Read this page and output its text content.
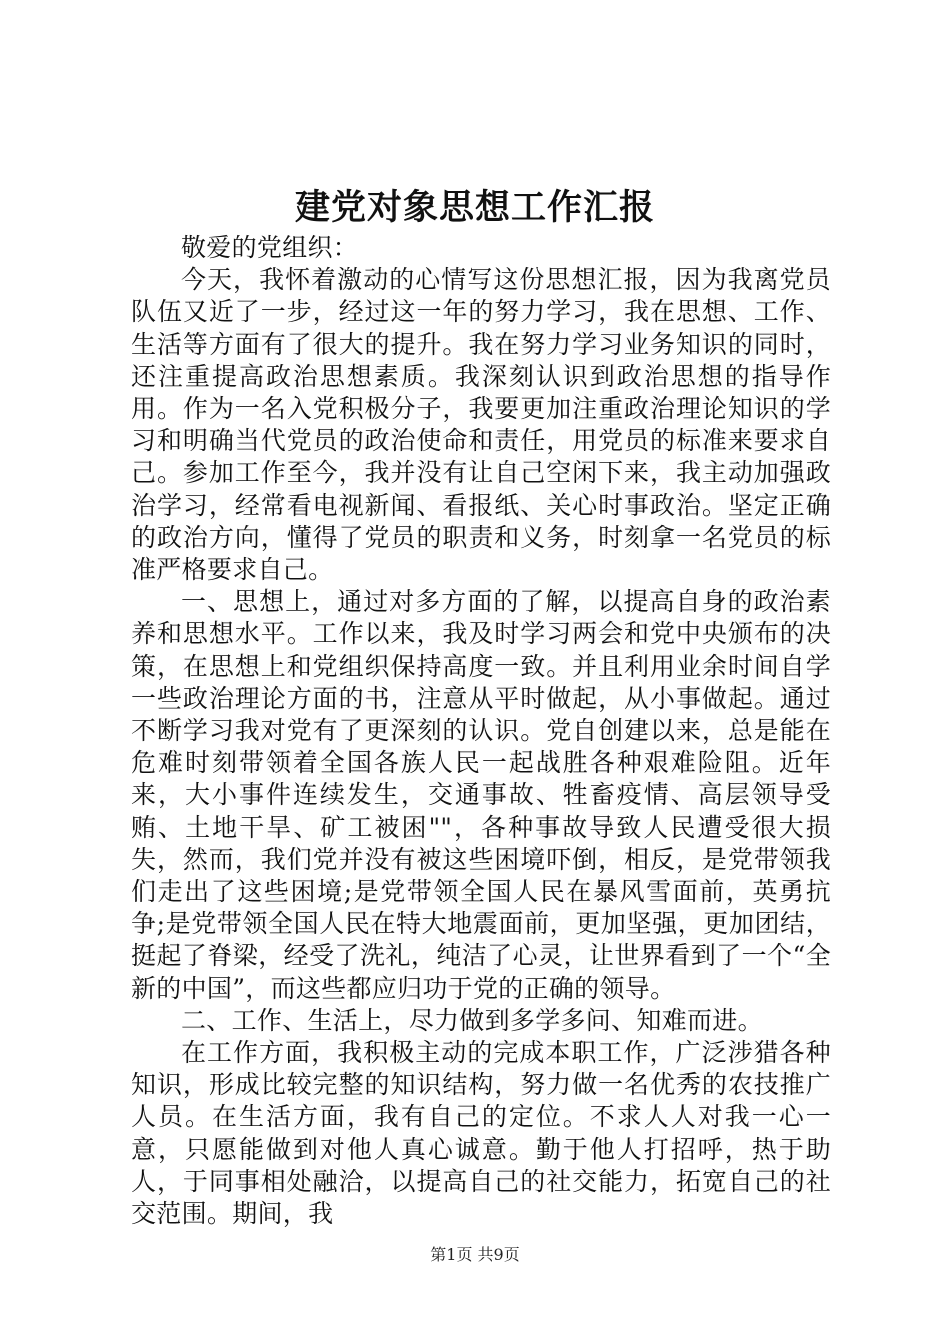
建党对象思想工作汇报

敬爱的党组织：

今天，我怀着激动的心情写这份思想汇报，因为我离党员队伍又近了一步，经过这一年的努力学习，我在思想、工作、生活等方面有了很大的提升。我在努力学习业务知识的同时，还注重提高政治思想素质。我深刻认识到政治思想的指导作用。作为一名入党积极分子，我要更加注重政治理论知识的学习和明确当代党员的政治使命和责任，用党员的标准来要求自己。参加工作至今，我并没有让自己空闲下来，我主动加强政治学习，经常看电视新闻、看报纸、关心时事政治。坚定正确的政治方向，懂得了党员的职责和义务，时刻拿一名党员的标准严格要求自己。

一、思想上，通过对多方面的了解，以提高自身的政治素养和思想水平。工作以来，我及时学习两会和党中央颁布的决策，在思想上和党组织保持高度一致。并且利用业余时间自学一些政治理论方面的书，注意从平时做起，从小事做起。通过不断学习我对党有了更深刻的认识。党自创建以来，总是能在危难时刻带领着全国各族人民一起战胜各种艰难险阻。近年来，大小事件连续发生，交通事故、牲畜疫情、高层领导受贿、土地干旱、矿工被困""，各种事故导致人民遭受很大损失，然而，我们党并没有被这些困境吓倒，相反，是党带领我们走出了这些困境;是党带领全国人民在暴风雪面前，英勇抗争;是党带领全国人民在特大地震面前，更加坚强，更加团结，挺起了脊梁，经受了洗礼，纯洁了心灵，让世界看到了一个“全新的中国”，而这些都应归功于党的正确的领导。

二、工作、生活上，尽力做到多学多问、知难而进。

在工作方面，我积极主动的完成本职工作，广泛涉猎各种知识，形成比较完整的知识结构，努力做一名优秀的农技推广人员。在生活方面，我有自己的定位。不求人人对我一心一意，只愿能做到对他人真心诚意。勤于他人打招呼，热于助人，于同事相处融洽，以提高自己的社交能力，拓宽自己的社交范围。期间，我

第1页 共9页
